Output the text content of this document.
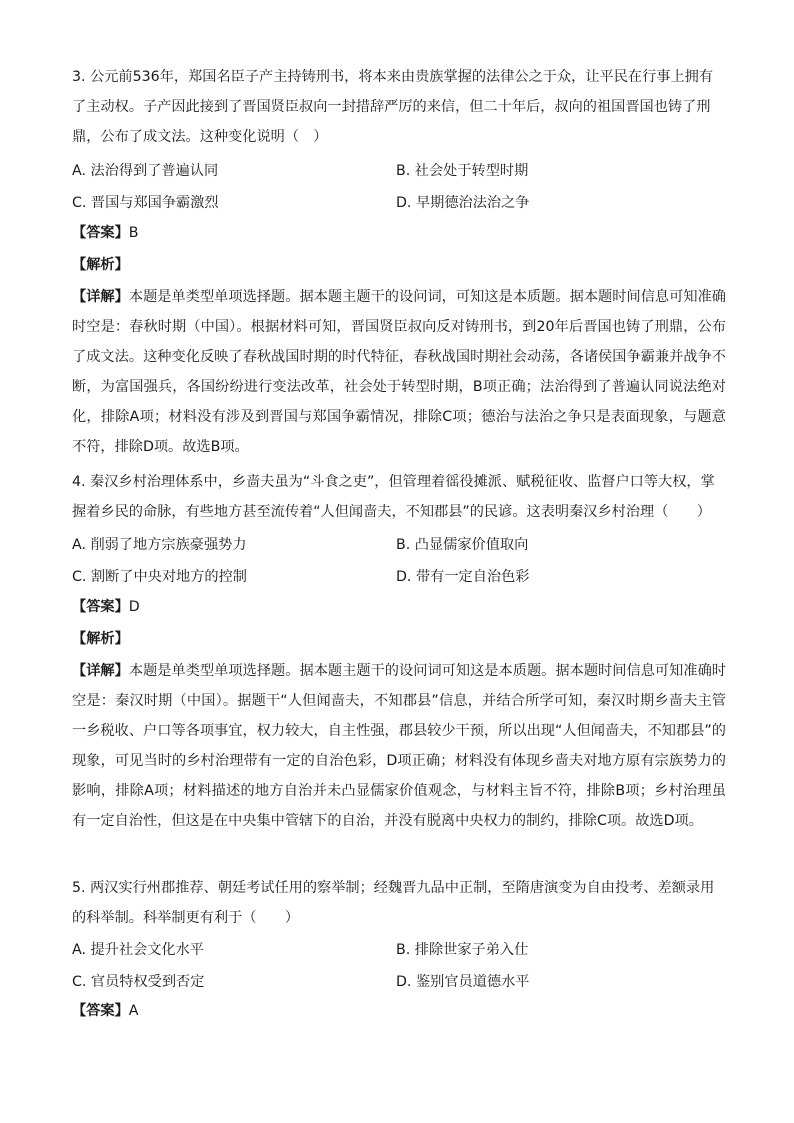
3. 公元前536年，郑国名臣子产主持铸刑书，将本来由贵族掌握的法律公之于众，让平民在行事上拥有了主动权。子产因此接到了晋国贤臣叔向一封措辞严厉的来信，但二十年后，叔向的祖国晋国也铸了刑鼎，公布了成文法。这种变化说明（　）

A. 法治得到了普遍认同	B. 社会处于转型时期
C. 晋国与郑国争霸激烈	D. 早期德治法治之争
【答案】B
【解析】
【详解】本题是单类型单项选择题。据本题主题干的设问词，可知这是本质题。据本题时间信息可知准确时空是：春秋时期（中国）。根据材料可知，晋国贤臣叔向反对铸刑书，到20年后晋国也铸了刑鼎，公布了成文法。这种变化反映了春秋战国时期的时代特征，春秋战国时期社会动荡，各诸侯国争霸兼并战争不断，为富国强兵，各国纷纷进行变法改革，社会处于转型时期，B项正确；法治得到了普遍认同说法绝对化，排除A项；材料没有涉及到晋国与郑国争霸情况，排除C项；德治与法治之争只是表面现象，与题意不符，排除D项。故选B项。

4. 秦汉乡村治理体系中，乡啬夫虽为“斗食之吏”，但管理着徭役摊派、赋税征收、监督户口等大权，掌握着乡民的命脉，有些地方甚至流传着“人但闻啬夫，不知郡县”的民谚。这表明秦汉乡村治理（　　）

A. 削弱了地方宗族豪强势力	B. 凸显儒家价值取向
C. 割断了中央对地方的控制	D. 带有一定自治色彩
【答案】D
【解析】
【详解】本题是单类型单项选择题。据本题主题干的设问词可知这是本质题。据本题时间信息可知准确时空是：秦汉时期（中国）。据题干“人但闻啬夫，不知郡县”信息，并结合所学可知，秦汉时期乡啬夫主管一乡税收、户口等各项事宜，权力较大，自主性强，郡县较少干预，所以出现“人但闻啬夫，不知郡县”的现象，可见当时的乡村治理带有一定的自治色彩，D项正确；材料没有体现乡啬夫对地方原有宗族势力的影响，排除A项；材料描述的地方自治并未凸显儒家价值观念，与材料主旨不符，排除B项；乡村治理虽有一定自治性，但这是在中央集中管辖下的自治，并没有脱离中央权力的制约，排除C项。故选D项。

5. 两汉实行州郡推荐、朝廷考试任用的察举制；经魏晋九品中正制，至隋唐演变为自由投考、差额录用的科举制。科举制更有利于（　　）

A. 提升社会文化水平	B. 排除世家子弟入仕
C. 官员特权受到否定	D. 鉴别官员道德水平
【答案】A
